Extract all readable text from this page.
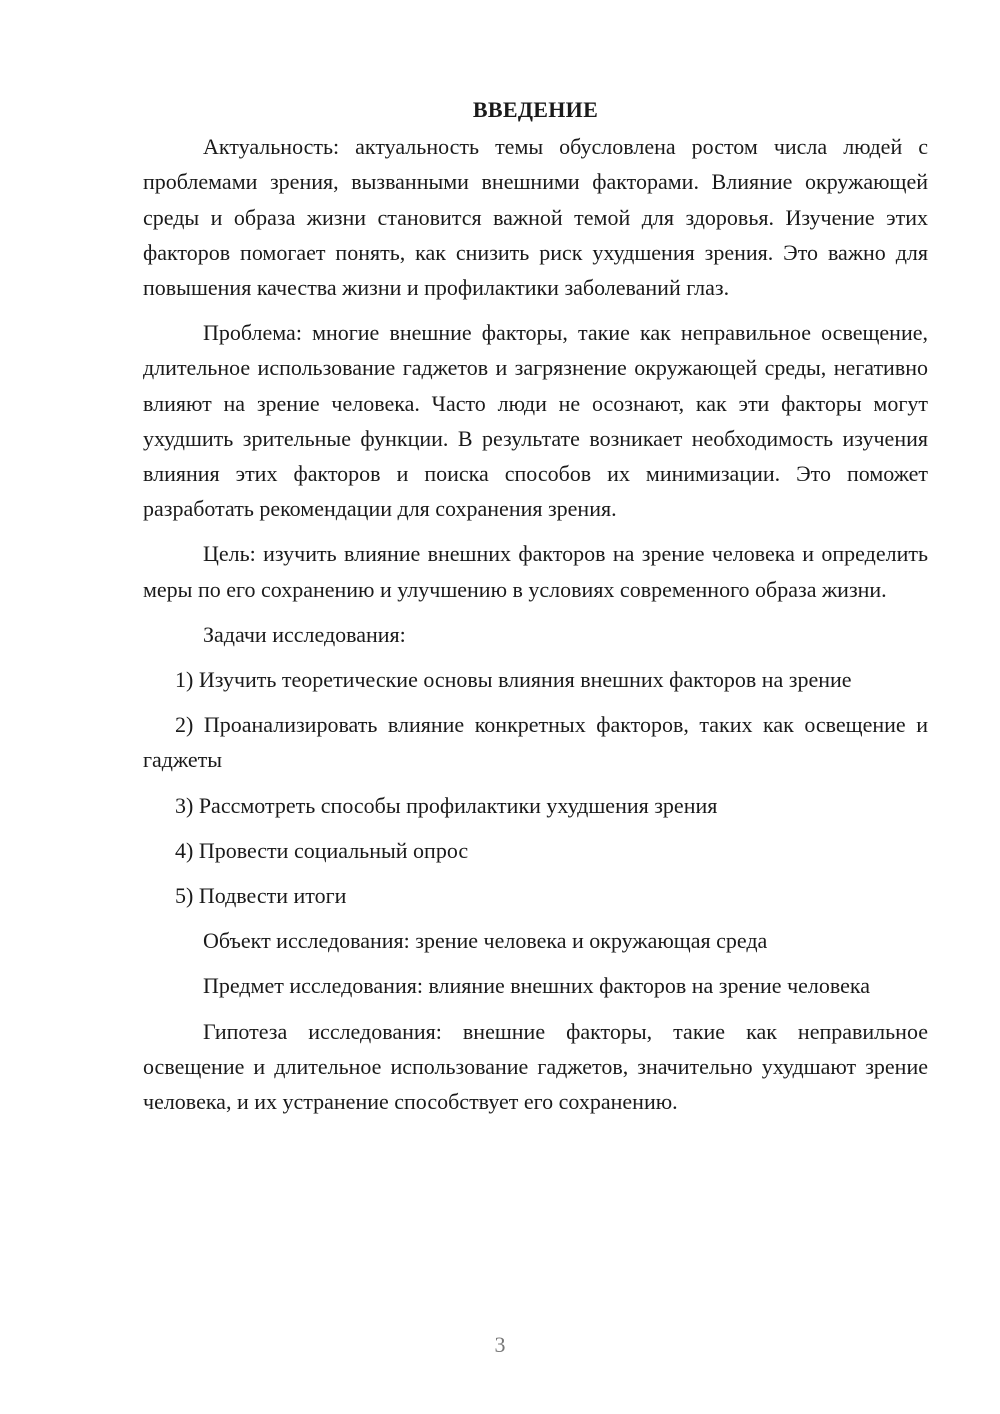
ВВЕДЕНИЕ

Актуальность: актуальность темы обусловлена ростом числа людей с проблемами зрения, вызванными внешними факторами. Влияние окружающей среды и образа жизни становится важной темой для здоровья. Изучение этих факторов помогает понять, как снизить риск ухудшения зрения. Это важно для повышения качества жизни и профилактики заболеваний глаз.

Проблема: многие внешние факторы, такие как неправильное освещение, длительное использование гаджетов и загрязнение окружающей среды, негативно влияют на зрение человека. Часто люди не осознают, как эти факторы могут ухудшить зрительные функции. В результате возникает необходимость изучения влияния этих факторов и поиска способов их минимизации. Это поможет разработать рекомендации для сохранения зрения.

Цель: изучить влияние внешних факторов на зрение человека и определить меры по его сохранению и улучшению в условиях современного образа жизни.

Задачи исследования:

1) Изучить теоретические основы влияния внешних факторов на зрение

2) Проанализировать влияние конкретных факторов, таких как освещение и гаджеты

3) Рассмотреть способы профилактики ухудшения зрения

4) Провести социальный опрос

5) Подвести итоги

Объект исследования: зрение человека и окружающая среда

Предмет исследования: влияние внешних факторов на зрение человека

Гипотеза исследования: внешние факторы, такие как неправильное освещение и длительное использование гаджетов, значительно ухудшают зрение человека, и их устранение способствует его сохранению.

3
